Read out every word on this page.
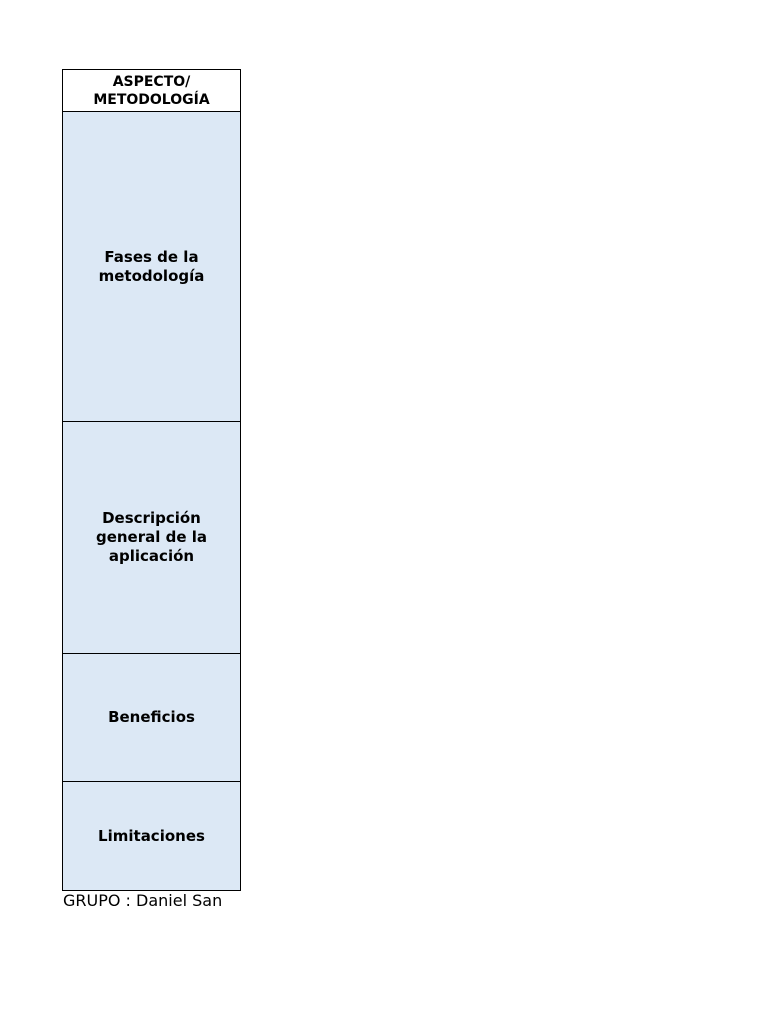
ASPECTO/
METODOLOGÍA
Fases de la
metodología
Descripción
general de la
aplicación
Beneficios
Limitaciones
GRUPO : Daniel San
